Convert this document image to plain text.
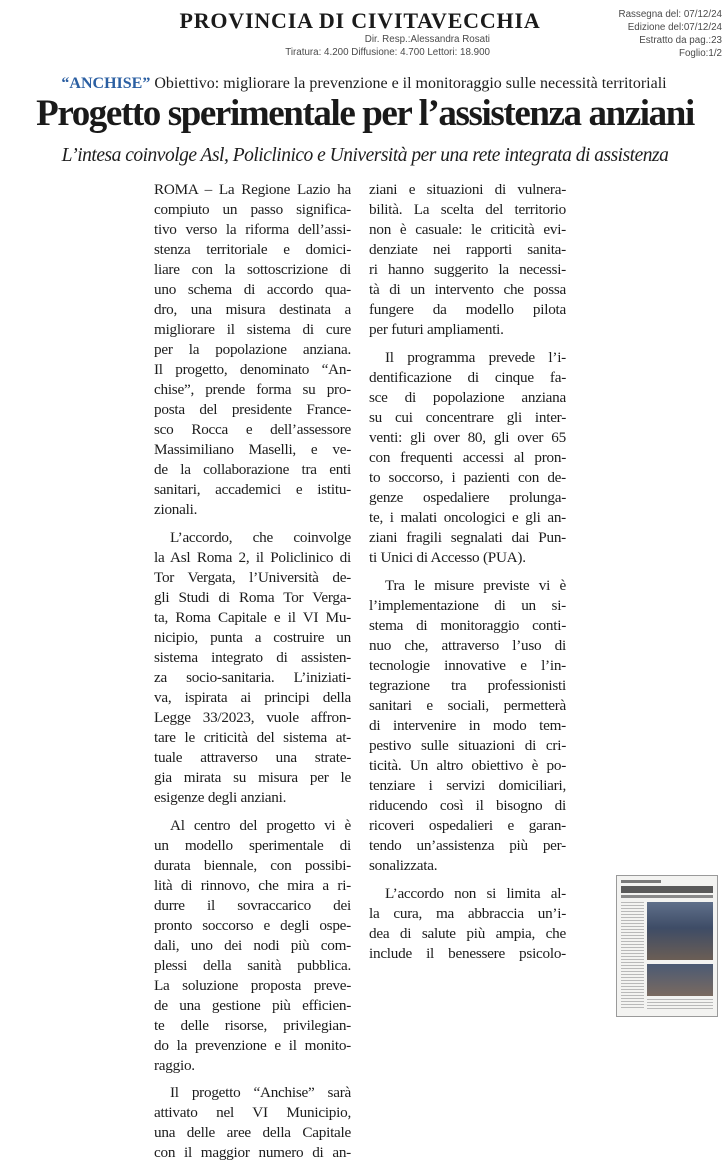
PROVINCIA DI CIVITAVECCHIA
Dir. Resp.:Alessandra Rosati
Tiratura: 4.200 Diffusione: 4.700 Lettori: 18.900
Rassegna del: 07/12/24
Edizione del:07/12/24
Estratto da pag.:23
Foglio:1/2
“ANCHISE” Obiettivo: migliorare la prevenzione e il monitoraggio sulle necessità territoriali
Progetto sperimentale per l’assistenza anziani
L’intesa coinvolge Asl, Policlinico e Università per una rete integrata di assistenza
ROMA – La Regione Lazio ha
compiuto un passo significa-
tivo verso la riforma dell’assi-
stenza territoriale e domici-
liare con la sottoscrizione di
uno schema di accordo qua-
dro, una misura destinata a
migliorare il sistema di cure
per la popolazione anziana.
Il progetto, denominato “An-
chise”, prende forma su pro-
posta del presidente France-
sco Rocca e dell’assessore
Massimiliano Maselli, e ve-
de la collaborazione tra enti
sanitari, accademici e istitu-
zionali.
L’accordo, che coinvolge
la Asl Roma 2, il Policlinico di
Tor Vergata, l’Università de-
gli Studi di Roma Tor Verga-
ta, Roma Capitale e il VI Mu-
nicipio, punta a costruire un
sistema integrato di assisten-
za socio-sanitaria. L’iniziati-
va, ispirata ai principi della
Legge 33/2023, vuole affron-
tare le criticità del sistema at-
tuale attraverso una strate-
gia mirata su misura per le
esigenze degli anziani.
Al centro del progetto vi è
un modello sperimentale di
durata biennale, con possibi-
lità di rinnovo, che mira a ri-
durre il sovraccarico dei
pronto soccorso e degli ospe-
dali, uno dei nodi più com-
plessi della sanità pubblica.
La soluzione proposta preve-
de una gestione più efficien-
te delle risorse, privilegian-
do la prevenzione e il monito-
raggio.
Il progetto “Anchise” sarà
attivato nel VI Municipio,
una delle aree della Capitale
con il maggior numero di an-
ziani e situazioni di vulnera-
bilità. La scelta del territorio
non è casuale: le criticità evi-
denziate nei rapporti sanita-
ri hanno suggerito la necessi-
tà di un intervento che possa
fungere da modello pilota
per futuri ampliamenti.
Il programma prevede l’i-
dentificazione di cinque fa-
sce di popolazione anziana
su cui concentrare gli inter-
venti: gli over 80, gli over 65
con frequenti accessi al pron-
to soccorso, i pazienti con de-
genze ospedaliere prolunga-
te, i malati oncologici e gli an-
ziani fragili segnalati dai Pun-
ti Unici di Accesso (PUA).
Tra le misure previste vi è
l’implementazione di un si-
stema di monitoraggio conti-
nuo che, attraverso l’uso di
tecnologie innovative e l’in-
tegrazione tra professionisti
sanitari e sociali, permetterà
di intervenire in modo tem-
pestivo sulle situazioni di cri-
ticità. Un altro obiettivo è po-
tenziare i servizi domiciliari,
riducendo così il bisogno di
ricoveri ospedalieri e garan-
tendo un’assistenza più per-
sonalizzata.
L’accordo non si limita al-
la cura, ma abbraccia un’i-
dea di salute più ampia, che
include il benessere psicolo-
